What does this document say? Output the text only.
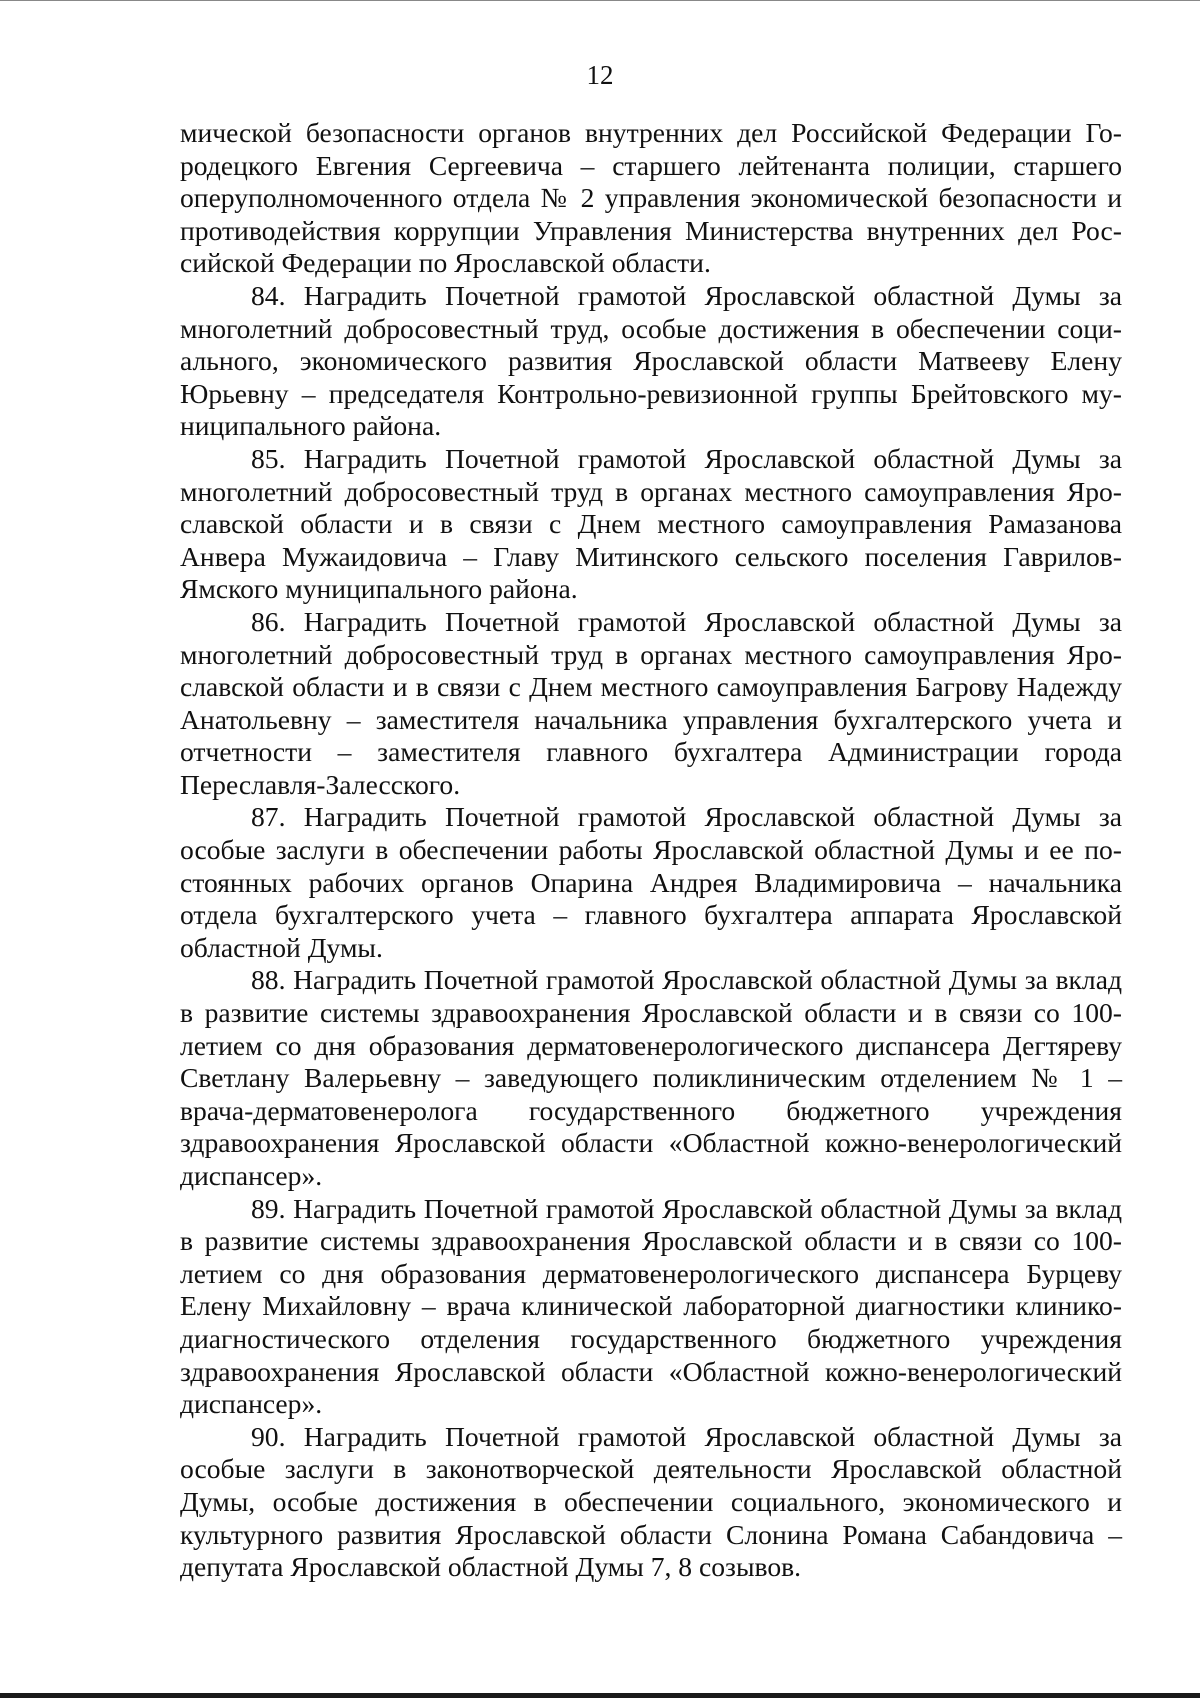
12

мической безопасности органов внутренних дел Российской Федерации Городецкого Евгения Сергеевича – старшего лейтенанта полиции, старшего оперуполномоченного отдела № 2 управления экономической безопасности и противодействия коррупции Управления Министерства внутренних дел Российской Федерации по Ярославской области.

84. Наградить Почетной грамотой Ярославской областной Думы за многолетний добросовестный труд, особые достижения в обеспечении социального, экономического развития Ярославской области Матвееву Елену Юрьевну – председателя Контрольно-ревизионной группы Брейтовского муниципального района.

85. Наградить Почетной грамотой Ярославской областной Думы за многолетний добросовестный труд в органах местного самоуправления Ярославской области и в связи с Днем местного самоуправления Рамазанова Анвера Мужаидовича – Главу Митинского сельского поселения Гаврилов-Ямского муниципального района.

86. Наградить Почетной грамотой Ярославской областной Думы за многолетний добросовестный труд в органах местного самоуправления Ярославской области и в связи с Днем местного самоуправления Багрову Надежду Анатольевну – заместителя начальника управления бухгалтерского учета и отчетности – заместителя главного бухгалтера Администрации города Переславля-Залесского.

87. Наградить Почетной грамотой Ярославской областной Думы за особые заслуги в обеспечении работы Ярославской областной Думы и ее постоянных рабочих органов Опарина Андрея Владимировича – начальника отдела бухгалтерского учета – главного бухгалтера аппарата Ярославской областной Думы.

88. Наградить Почетной грамотой Ярославской областной Думы за вклад в развитие системы здравоохранения Ярославской области и в связи со 100-летием со дня образования дерматовенерологического диспансера Дегтяреву Светлану Валерьевну – заведующего поликлиническим отделением № 1 – врача-дерматовенеролога государственного бюджетного учреждения здравоохранения Ярославской области «Областной кожно-венерологический диспансер».

89. Наградить Почетной грамотой Ярославской областной Думы за вклад в развитие системы здравоохранения Ярославской области и в связи со 100-летием со дня образования дерматовенерологического диспансера Бурцеву Елену Михайловну – врача клинической лабораторной диагностики клинико-диагностического отделения государственного бюджетного учреждения здравоохранения Ярославской области «Областной кожно-венерологический диспансер».

90. Наградить Почетной грамотой Ярославской областной Думы за особые заслуги в законотворческой деятельности Ярославской областной Думы, особые достижения в обеспечении социального, экономического и культурного развития Ярославской области Слонина Романа Сабандовича – депутата Ярославской областной Думы 7, 8 созывов.
